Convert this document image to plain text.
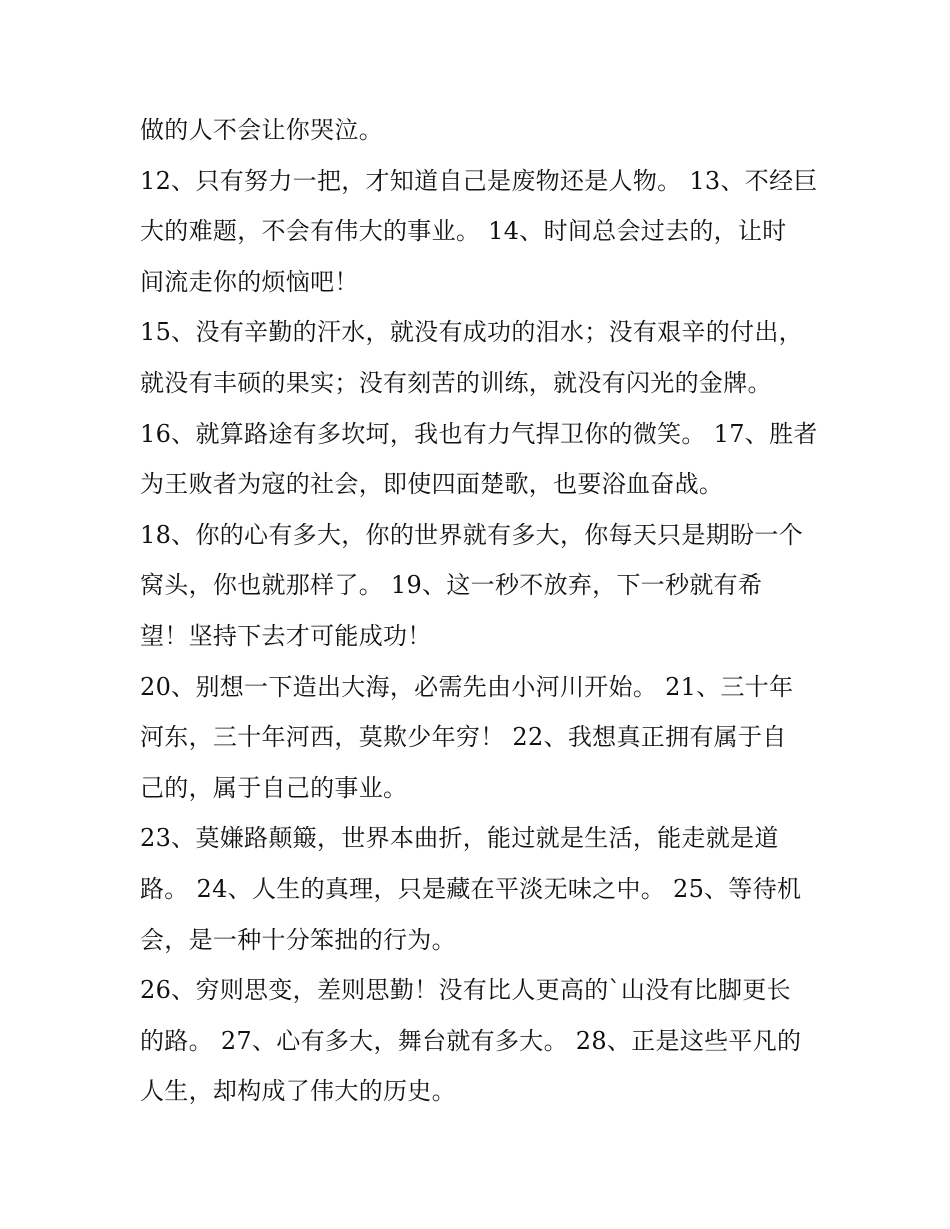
做的人不会让你哭泣。

12、只有努力一把，才知道自己是废物还是人物。 13、不经巨

大的难题，不会有伟大的事业。 14、时间总会过去的，让时

间流走你的烦恼吧！

15、没有辛勤的汗水，就没有成功的泪水；没有艰辛的付出，

就没有丰硕的果实；没有刻苦的训练，就没有闪光的金牌。

16、就算路途有多坎坷，我也有力气捍卫你的微笑。 17、胜者

为王败者为寇的社会，即使四面楚歌，也要浴血奋战。

18、你的心有多大，你的世界就有多大，你每天只是期盼一个

窝头，你也就那样了。 19、这一秒不放弃，下一秒就有希

望！坚持下去才可能成功！

20、别想一下造出大海，必需先由小河川开始。 21、三十年

河东，三十年河西，莫欺少年穷！ 22、我想真正拥有属于自

己的，属于自己的事业。

23、莫嫌路颠簸，世界本曲折，能过就是生活，能走就是道

路。 24、人生的真理，只是藏在平淡无味之中。 25、等待机

会，是一种十分笨拙的行为。

26、穷则思变，差则思勤！没有比人更高的`山没有比脚更长

的路。 27、心有多大，舞台就有多大。 28、正是这些平凡的

人生，却构成了伟大的历史。
